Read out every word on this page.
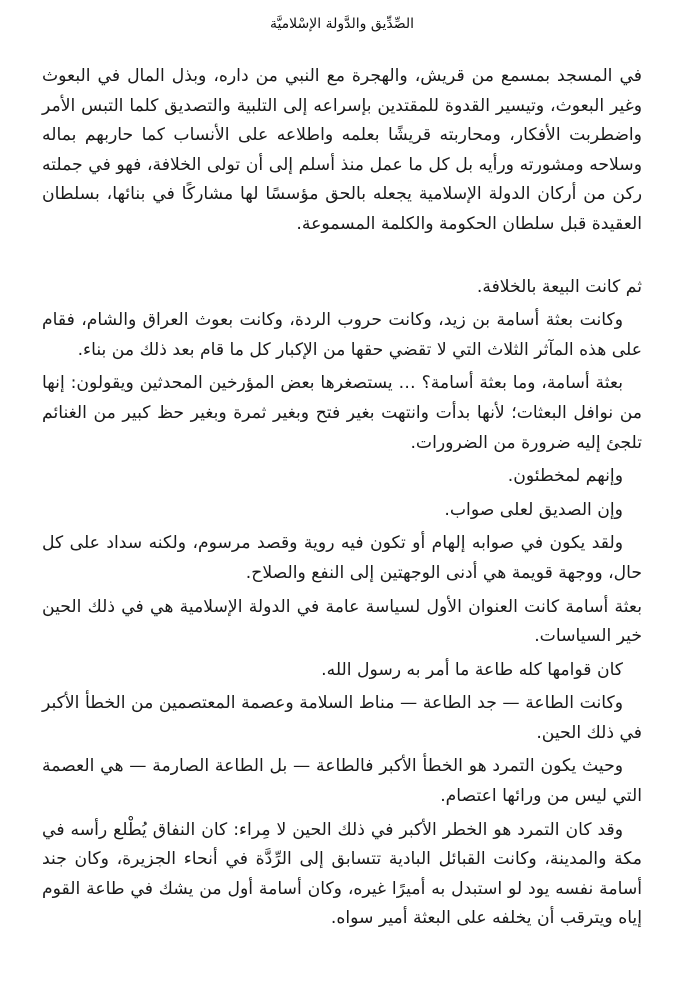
الصِّدِّيق والدَّولة الإسْلاميَّة

في المسجد بمسمع من قريش، والهجرة مع النبي من داره، وبذل المال في البعوث وغير البعوث، وتيسير القدوة للمقتدين بإسراعه إلى التلبية والتصديق كلما التبس الأمر واضطربت الأفكار، ومحاربته قريشًا بعلمه واطلاعه على الأنساب كما حاربهم بماله وسلاحه ومشورته ورأيه بل كل ما عمل منذ أسلم إلى أن تولى الخلافة، فهو في جملته ركن من أركان الدولة الإسلامية يجعله بالحق مؤسسًا لها مشاركًا في بنائها، بسلطان العقيدة قبل سلطان الحكومة والكلمة المسموعة.

ثم كانت البيعة بالخلافة.

وكانت بعثة أسامة بن زيد، وكانت حروب الردة، وكانت بعوث العراق والشام، فقام على هذه المآثر الثلاث التي لا تقضي حقها من الإكبار كل ما قام بعد ذلك من بناء.

بعثة أسامة، وما بعثة أسامة؟ … يستصغرها بعض المؤرخين المحدثين ويقولون: إنها من نوافل البعثات؛ لأنها بدأت وانتهت بغير فتح وبغير ثمرة وبغير حظ كبير من الغنائم تلجئ إليه ضرورة من الضرورات.

وإنهم لمخطئون.

وإن الصديق لعلى صواب.

ولقد يكون في صوابه إلهام أو تكون فيه روية وقصد مرسوم، ولكنه سداد على كل حال، ووجهة قويمة هي أدنى الوجهتين إلى النفع والصلاح.

بعثة أسامة كانت العنوان الأول لسياسة عامة في الدولة الإسلامية هي في ذلك الحين خير السياسات.

كان قوامها كله طاعة ما أمر به رسول الله.

وكانت الطاعة — جد الطاعة — مناط السلامة وعصمة المعتصمين من الخطأ الأكبر في ذلك الحين.

وحيث يكون التمرد هو الخطأ الأكبر فالطاعة — بل الطاعة الصارمة — هي العصمة التي ليس من ورائها اعتصام.

وقد كان التمرد هو الخطر الأكبر في ذلك الحين لا مِراء: كان النفاق يُطْلع رأسه في مكة والمدينة، وكانت القبائل البادية تتسابق إلى الرِّدَّة في أنحاء الجزيرة، وكان جند أسامة نفسه يود لو استبدل به أميرًا غيره، وكان أسامة أول من يشك في طاعة القوم إياه ويترقب أن يخلفه على البعثة أمير سواه.
